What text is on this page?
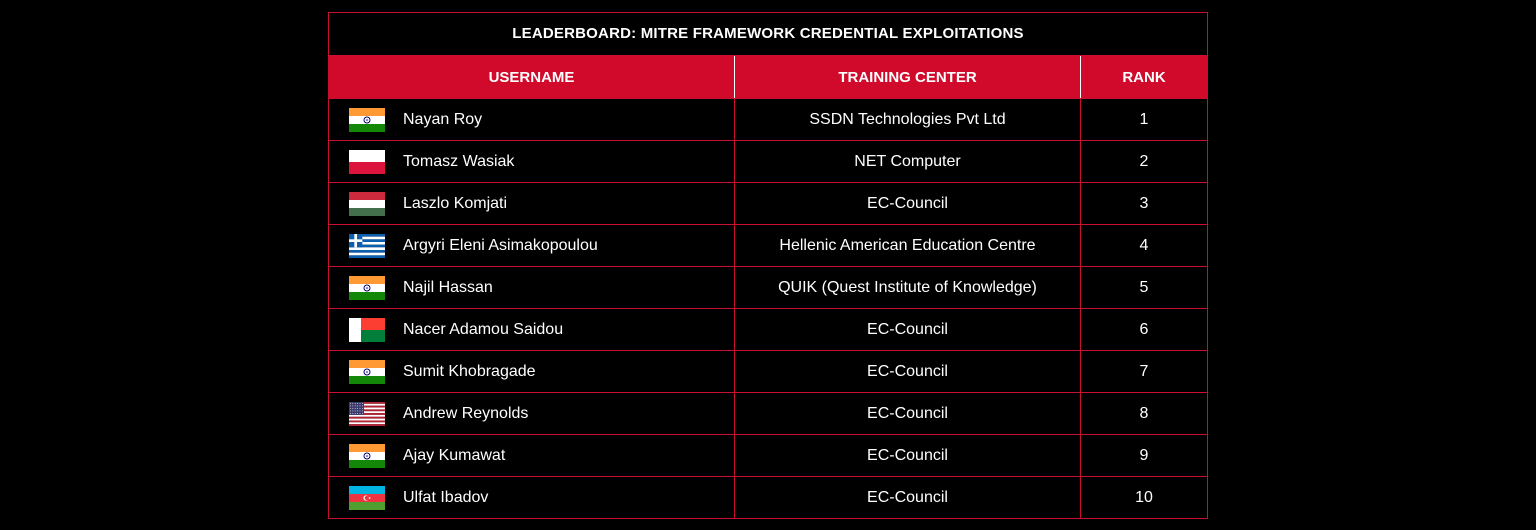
LEADERBOARD: MITRE FRAMEWORK CREDENTIAL EXPLOITATIONS
USERNAME	TRAINING CENTER	RANK
Nayan Roy	SSDN Technologies Pvt Ltd	1
Tomasz Wasiak	NET Computer	2
Laszlo Komjati	EC-Council	3
Argyri Eleni Asimakopoulou	Hellenic American Education Centre	4
Najil Hassan	QUIK (Quest Institute of Knowledge)	5
Nacer Adamou Saidou	EC-Council	6
Sumit Khobragade	EC-Council	7
Andrew Reynolds	EC-Council	8
Ajay Kumawat	EC-Council	9
Ulfat Ibadov	EC-Council	10
